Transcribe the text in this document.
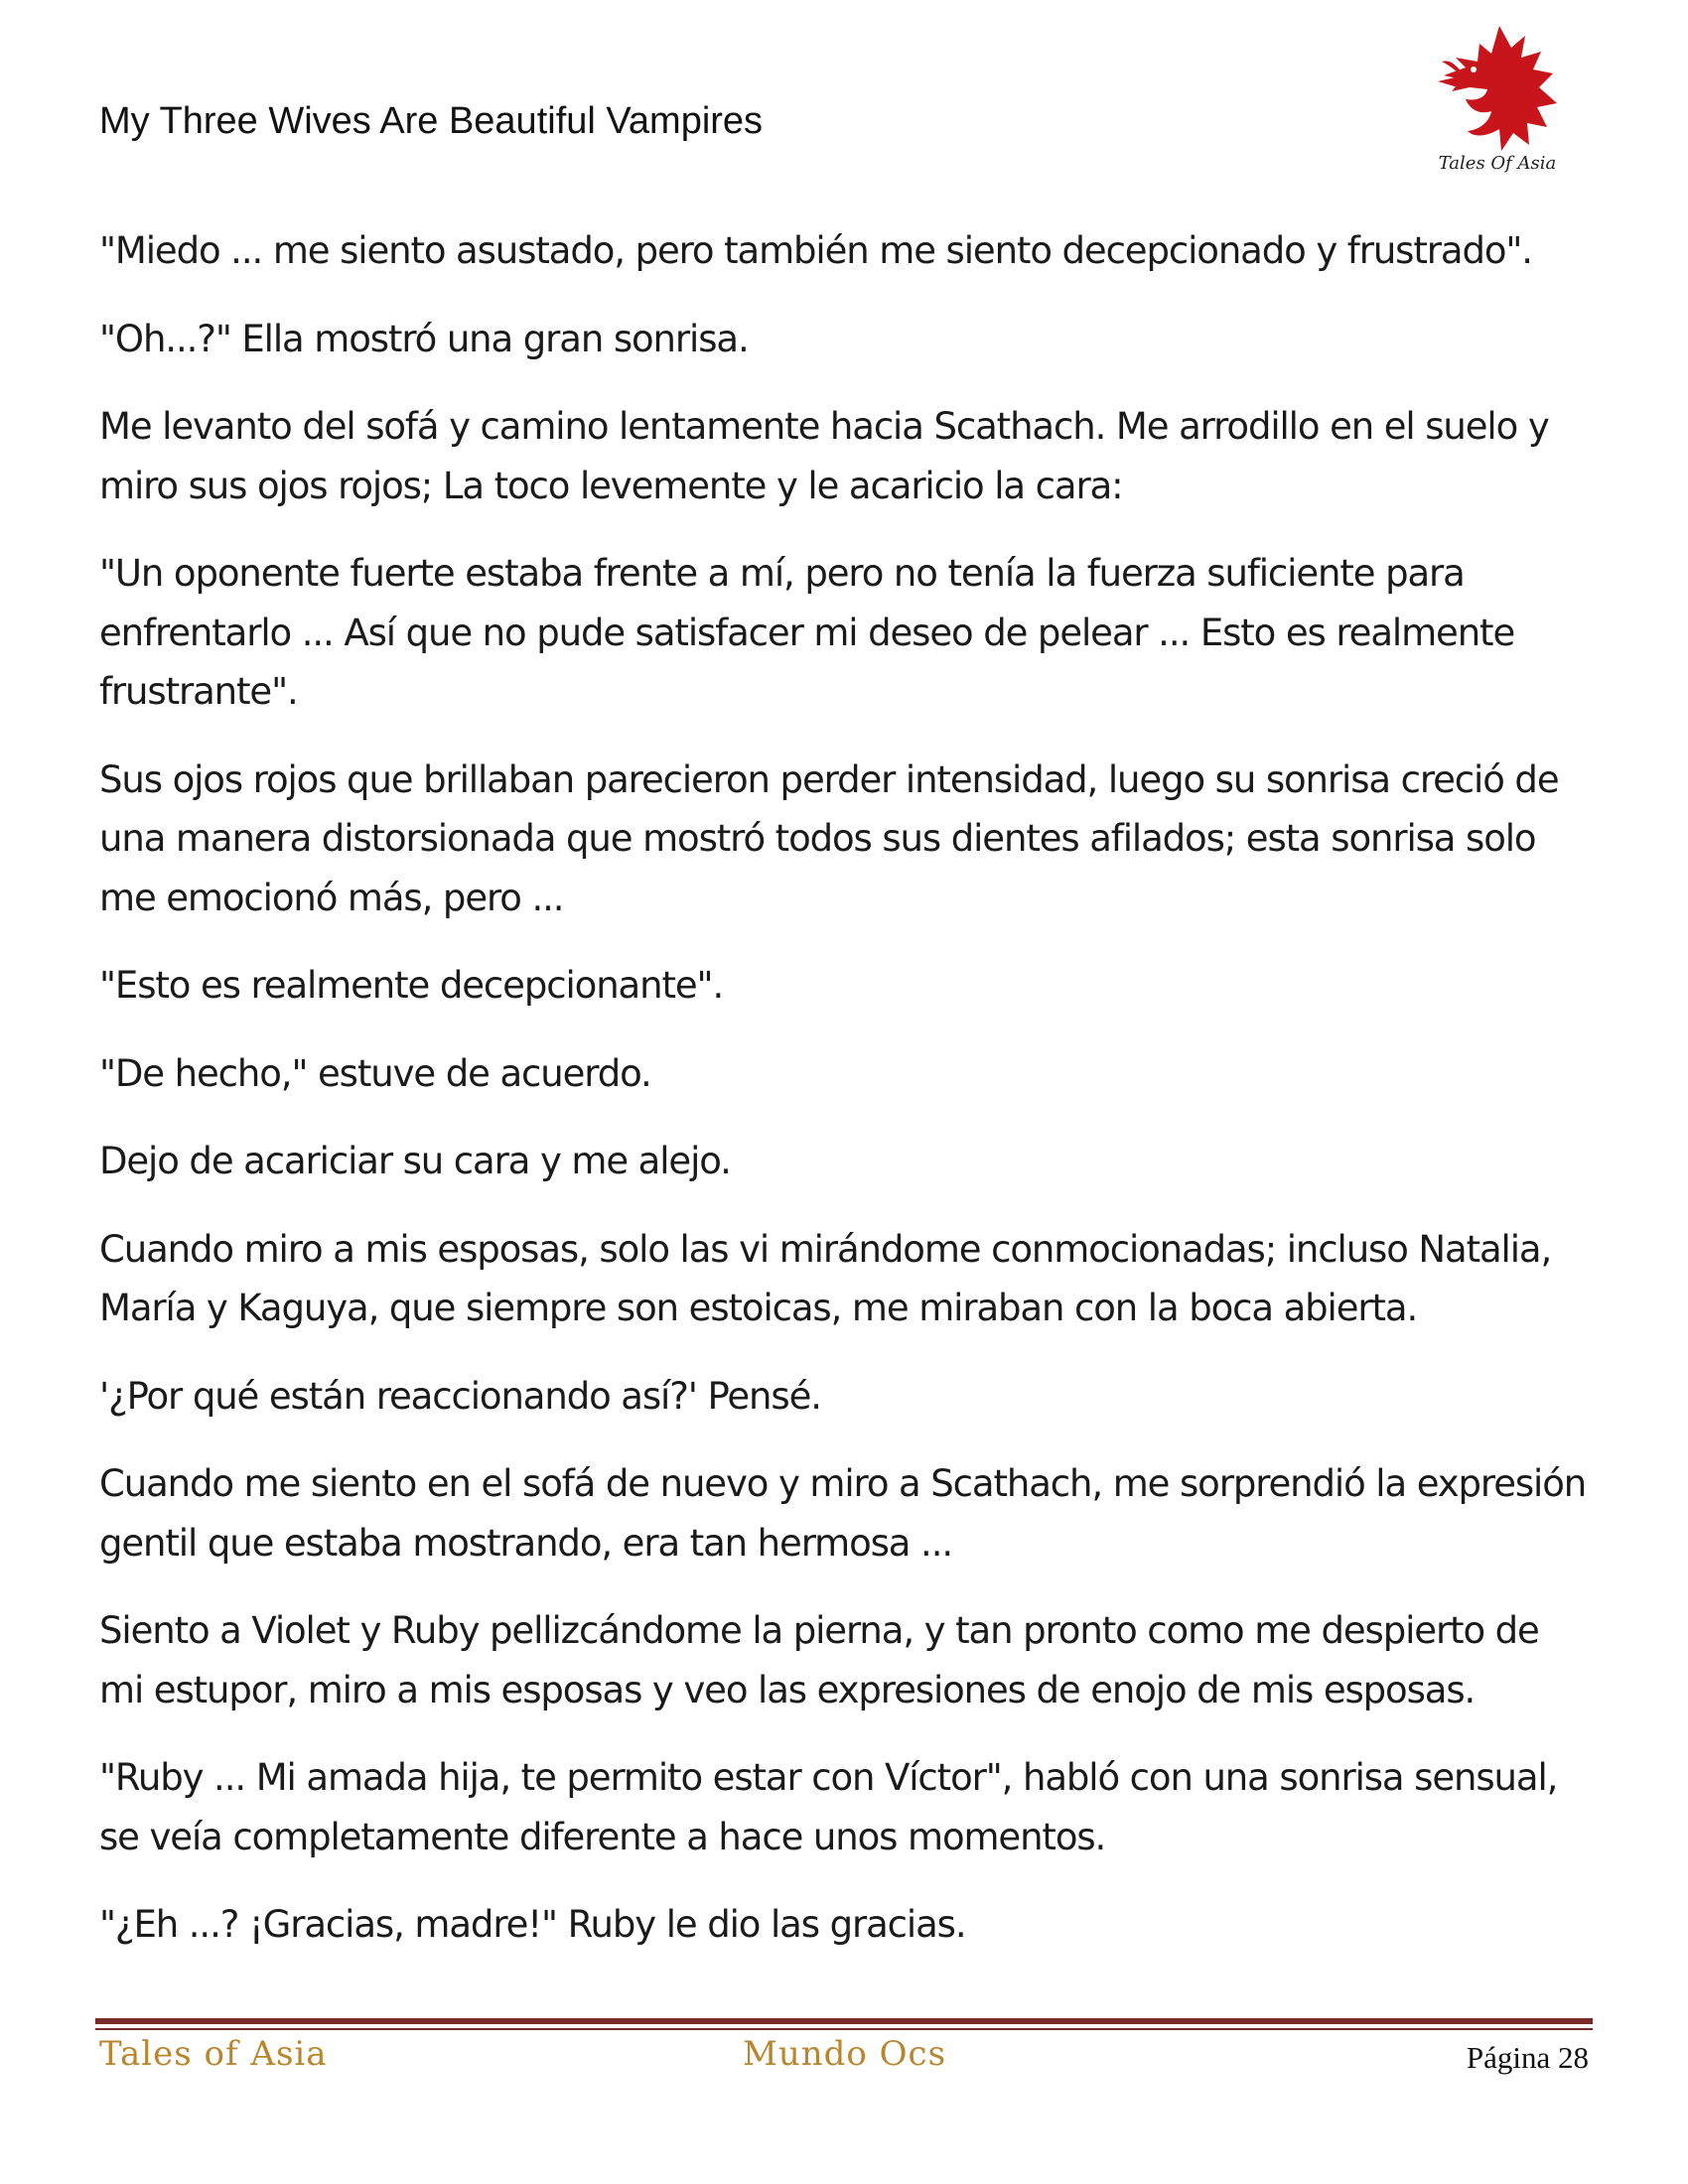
My Three Wives Are Beautiful Vampires
Tales Of Asia

"Miedo ... me siento asustado, pero también me siento decepcionado y frustrado".

"Oh...?" Ella mostró una gran sonrisa.

Me levanto del sofá y camino lentamente hacia Scathach. Me arrodillo en el suelo y miro sus ojos rojos; La toco levemente y le acaricio la cara:

"Un oponente fuerte estaba frente a mí, pero no tenía la fuerza suficiente para enfrentarlo ... Así que no pude satisfacer mi deseo de pelear ... Esto es realmente frustrante".

Sus ojos rojos que brillaban parecieron perder intensidad, luego su sonrisa creció de una manera distorsionada que mostró todos sus dientes afilados; esta sonrisa solo me emocionó más, pero ...

"Esto es realmente decepcionante".

"De hecho," estuve de acuerdo.

Dejo de acariciar su cara y me alejo.

Cuando miro a mis esposas, solo las vi mirándome conmocionadas; incluso Natalia, María y Kaguya, que siempre son estoicas, me miraban con la boca abierta.

'¿Por qué están reaccionando así?' Pensé.

Cuando me siento en el sofá de nuevo y miro a Scathach, me sorprendió la expresión gentil que estaba mostrando, era tan hermosa ...

Siento a Violet y Ruby pellizcándome la pierna, y tan pronto como me despierto de mi estupor, miro a mis esposas y veo las expresiones de enojo de mis esposas.

"Ruby ... Mi amada hija, te permito estar con Víctor", habló con una sonrisa sensual, se veía completamente diferente a hace unos momentos.

"¿Eh ...? ¡Gracias, madre!" Ruby le dio las gracias.

Tales of Asia	Mundo Ocs	Página 28
